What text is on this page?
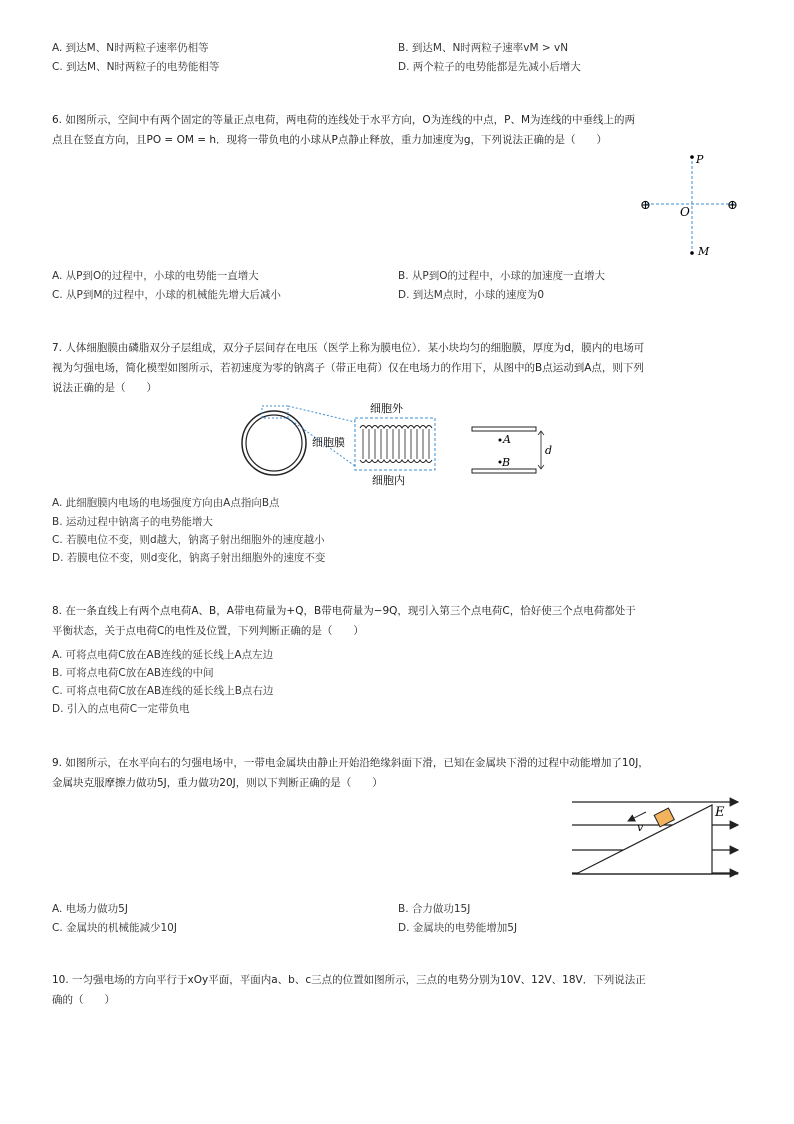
A. 到达M、N时两粒子速率仍相等	B. 到达M、N时两粒子速率vM > vN
C. 到达M、N时两粒子的电势能相等	D. 两个粒子的电势能都是先减小后增大
6. 如图所示，空间中有两个固定的等量正点电荷，两电荷的连线处于水平方向，O为连线的中点，P、M为连线的中垂线上的两
点且在竖直方向，且PO = OM = h．现将一带负电的小球从P点静止释放，重力加速度为g，下列说法正确的是（　　）
P
O
M
⊕	⊕
A. 从P到O的过程中，小球的电势能一直增大	B. 从P到O的过程中，小球的加速度一直增大
C. 从P到M的过程中，小球的机械能先增大后减小	D. 到达M点时，小球的速度为0
7. 人体细胞膜由磷脂双分子层组成，双分子层间存在电压（医学上称为膜电位）．某小块均匀的细胞膜，厚度为d，膜内的电场可
视为匀强电场，简化模型如图所示，若初速度为零的钠离子（带正电荷）仅在电场力的作用下，从图中的B点运动到A点，则下列
说法正确的是（　　）
细胞外
细胞膜
细胞内
A
B
d
A. 此细胞膜内电场的电场强度方向由A点指向B点
B. 运动过程中钠离子的电势能增大
C. 若膜电位不变，则d越大，钠离子射出细胞外的速度越小
D. 若膜电位不变，则d变化，钠离子射出细胞外的速度不变
8. 在一条直线上有两个点电荷A、B，A带电荷量为+Q，B带电荷量为−9Q，现引入第三个点电荷C，恰好使三个点电荷都处于
平衡状态，关于点电荷C的电性及位置，下列判断正确的是（　　）
A. 可将点电荷C放在AB连线的延长线上A点左边
B. 可将点电荷C放在AB连线的中间
C. 可将点电荷C放在AB连线的延长线上B点右边
D. 引入的点电荷C一定带负电
9. 如图所示，在水平向右的匀强电场中，一带电金属块由静止开始沿绝缘斜面下滑，已知在金属块下滑的过程中动能增加了10J，
金属块克服摩擦力做功5J，重力做功20J，则以下判断正确的是（　　）
v
E
A. 电场力做功5J	B. 合力做功15J
C. 金属块的机械能减少10J	D. 金属块的电势能增加5J
10. 一匀强电场的方向平行于xOy平面，平面内a、b、c三点的位置如图所示，三点的电势分别为10V、12V、18V．下列说法正
确的（　　）
